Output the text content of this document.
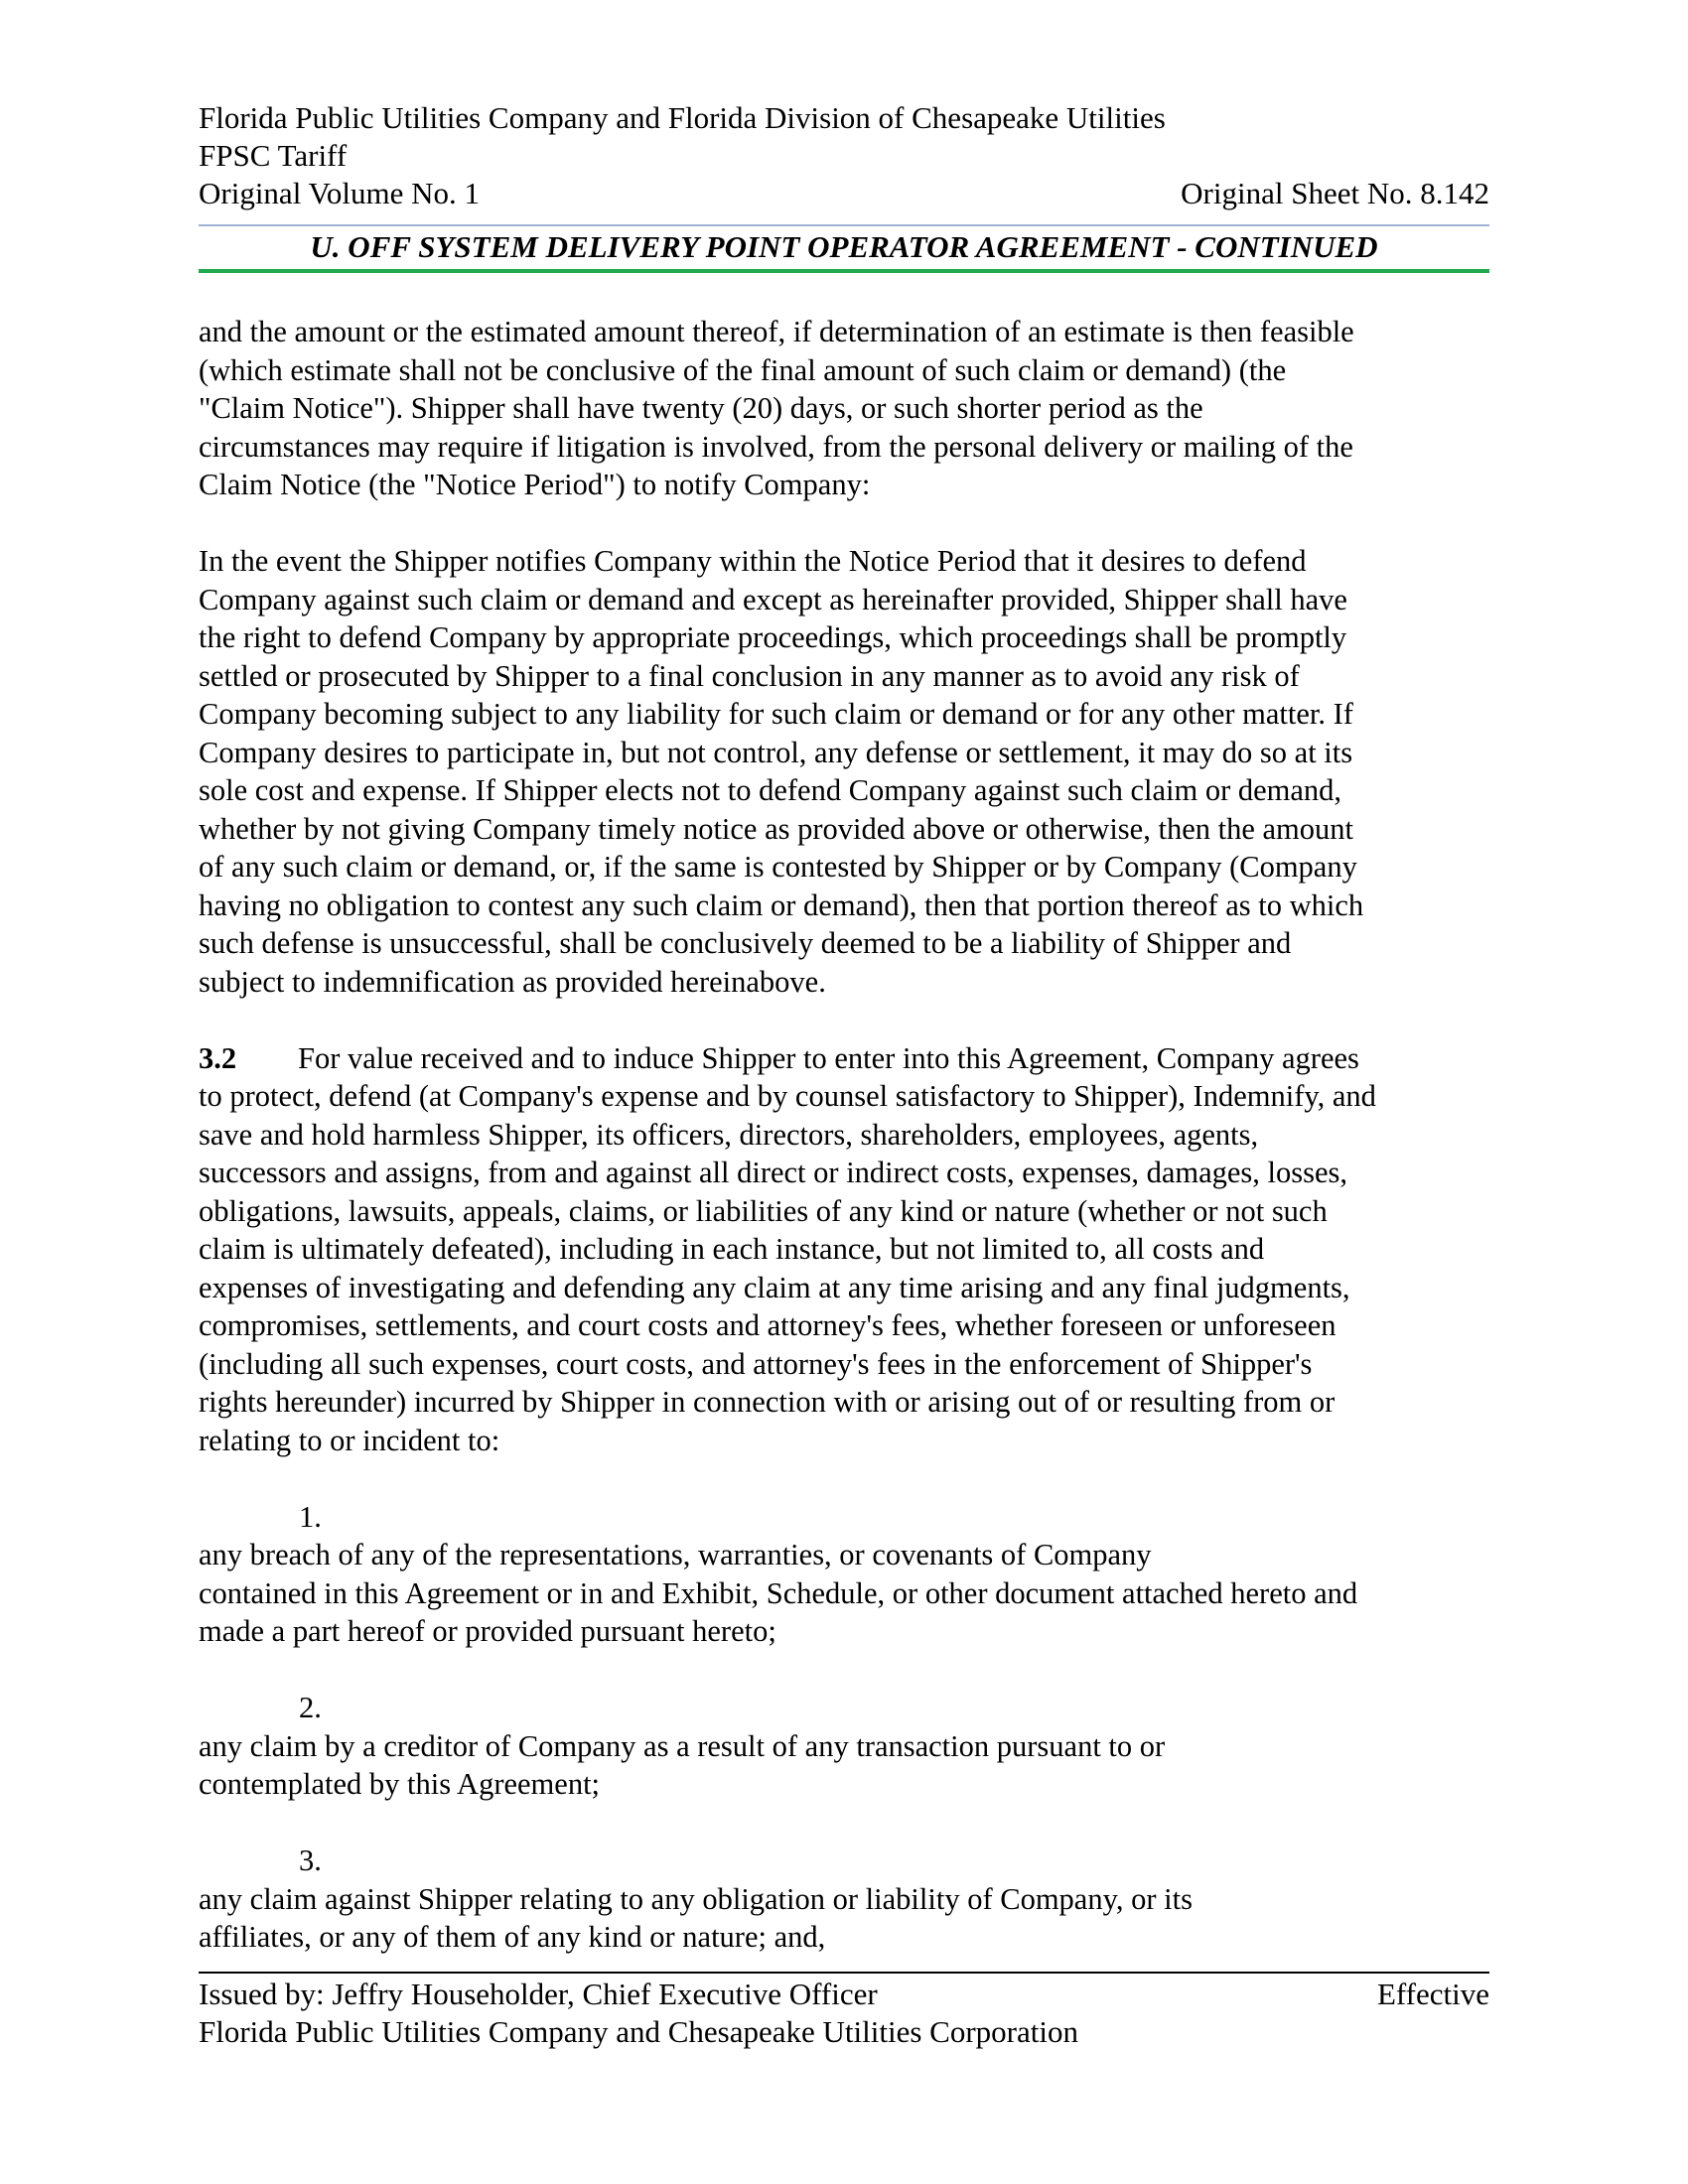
Florida Public Utilities Company and Florida Division of Chesapeake Utilities
FPSC Tariff
Original Volume No. 1	Original Sheet No. 8.142
U. OFF SYSTEM DELIVERY POINT OPERATOR AGREEMENT - CONTINUED
and the amount or the estimated amount thereof, if determination of an estimate is then feasible
(which estimate shall not be conclusive of the final amount of such claim or demand) (the
"Claim Notice"). Shipper shall have twenty (20) days, or such shorter period as the
circumstances may require if litigation is involved, from the personal delivery or mailing of the
Claim Notice (the "Notice Period") to notify Company:
In the event the Shipper notifies Company within the Notice Period that it desires to defend
Company against such claim or demand and except as hereinafter provided, Shipper shall have
the right to defend Company by appropriate proceedings, which proceedings shall be promptly
settled or prosecuted by Shipper to a final conclusion in any manner as to avoid any risk of
Company becoming subject to any liability for such claim or demand or for any other matter. If
Company desires to participate in, but not control, any defense or settlement, it may do so at its
sole cost and expense. If Shipper elects not to defend Company against such claim or demand,
whether by not giving Company timely notice as provided above or otherwise, then the amount
of any such claim or demand, or, if the same is contested by Shipper or by Company (Company
having no obligation to contest any such claim or demand), then that portion thereof as to which
such defense is unsuccessful, shall be conclusively deemed to be a liability of Shipper and
subject to indemnification as provided hereinabove.
3.2 For value received and to induce Shipper to enter into this Agreement, Company agrees
to protect, defend (at Company's expense and by counsel satisfactory to Shipper), Indemnify, and
save and hold harmless Shipper, its officers, directors, shareholders, employees, agents,
successors and assigns, from and against all direct or indirect costs, expenses, damages, losses,
obligations, lawsuits, appeals, claims, or liabilities of any kind or nature (whether or not such
claim is ultimately defeated), including in each instance, but not limited to, all costs and
expenses of investigating and defending any claim at any time arising and any final judgments,
compromises, settlements, and court costs and attorney's fees, whether foreseen or unforeseen
(including all such expenses, court costs, and attorney's fees in the enforcement of Shipper's
rights hereunder) incurred by Shipper in connection with or arising out of or resulting from or
relating to or incident to:
1.
any breach of any of the representations, warranties, or covenants of Company
contained in this Agreement or in and Exhibit, Schedule, or other document attached hereto and
made a part hereof or provided pursuant hereto;
2.
any claim by a creditor of Company as a result of any transaction pursuant to or
contemplated by this Agreement;
3.
any claim against Shipper relating to any obligation or liability of Company, or its
affiliates, or any of them of any kind or nature; and,
Issued by: Jeffry Householder, Chief Executive Officer	Effective
Florida Public Utilities Company and Chesapeake Utilities Corporation
